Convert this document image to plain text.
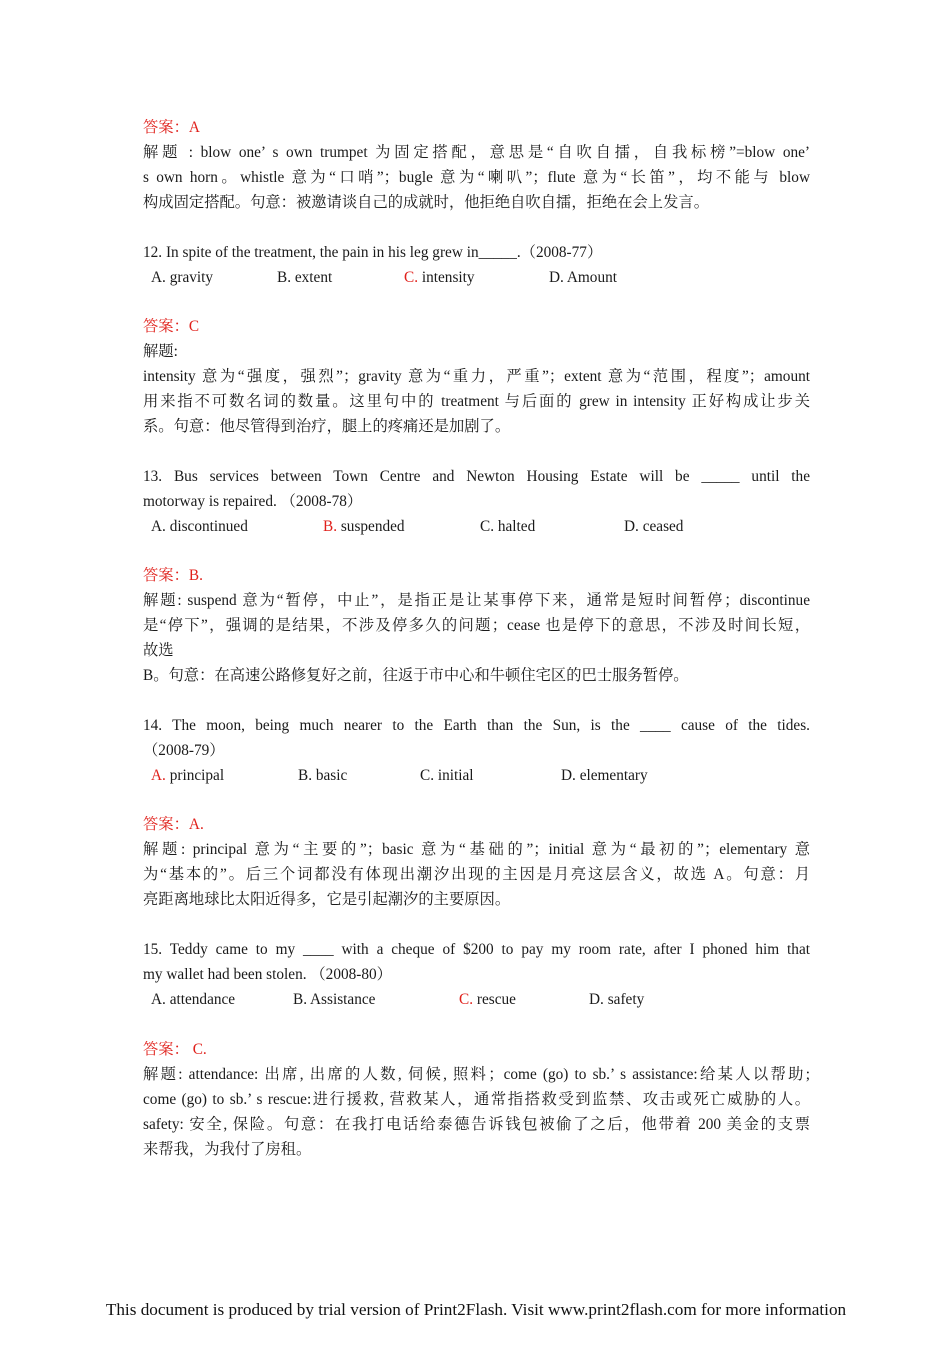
答案：A
解题 : blow one’ s own trumpet 为固定搭配，意思是“自吹自擂，自我标榜”=blow one’
s own horn。whistle 意为“口哨”；bugle 意为“喇叭”；flute 意为“长笛”，均不能与 blow
构成固定搭配。句意：被邀请谈自己的成就时，他拒绝自吹自擂，拒绝在会上发言。
12. In spite of the treatment, the pain in his leg grew in_____.（2008-77）
A. gravity	B. extent	C. intensity	D. Amount
答案：C
解题:
intensity 意为“强度，强烈”；gravity 意为“重力，严重”；extent 意为“范围，程度”；amount
用来指不可数名词的数量。这里句中的 treatment 与后面的 grew in intensity 正好构成让步关
系。句意：他尽管得到治疗，腿上的疼痛还是加剧了。
13. Bus services between Town Centre and Newton Housing Estate will be _____ until the
motorway is repaired. （2008-78）
A. discontinued	B. suspended	C. halted	D. ceased
答案：B.
解题: suspend 意为“暂停，中止”，是指正是让某事停下来，通常是短时间暂停；discontinue
是“停下”，强调的是结果，不涉及停多久的问题；cease 也是停下的意思，不涉及时间长短，
故选
B。句意：在高速公路修复好之前，往返于市中心和牛顿住宅区的巴士服务暂停。
14. The moon, being much nearer to the Earth than the Sun, is the ____ cause of the tides.
（2008-79）
A. principal	B. basic	C. initial	D. elementary
答案：A.
解题: principal 意为“主要的”；basic 意为“基础的”；initial 意为“最初的”；elementary 意
为“基本的”。后三个词都没有体现出潮汐出现的主因是月亮这层含义，故选 A。句意：月
亮距离地球比太阳近得多，它是引起潮汐的主要原因。
15. Teddy came to my ____ with a cheque of $200 to pay my room rate, after I phoned him that
my wallet had been stolen. （2008-80）
A. attendance	B. Assistance	C. rescue	D. safety
答案： C.
解题: attendance: 出席, 出席的人数, 伺候, 照料；come (go) to sb.’ s assistance:给某人以帮助;
come (go) to sb.’ s rescue:进行援救, 营救某人，通常指搭救受到监禁、攻击或死亡威胁的人。
safety: 安全, 保险。句意：在我打电话给泰德告诉钱包被偷了之后，他带着 200 美金的支票
来帮我，为我付了房租。
This document is produced by trial version of Print2Flash. Visit www.print2flash.com for more information
